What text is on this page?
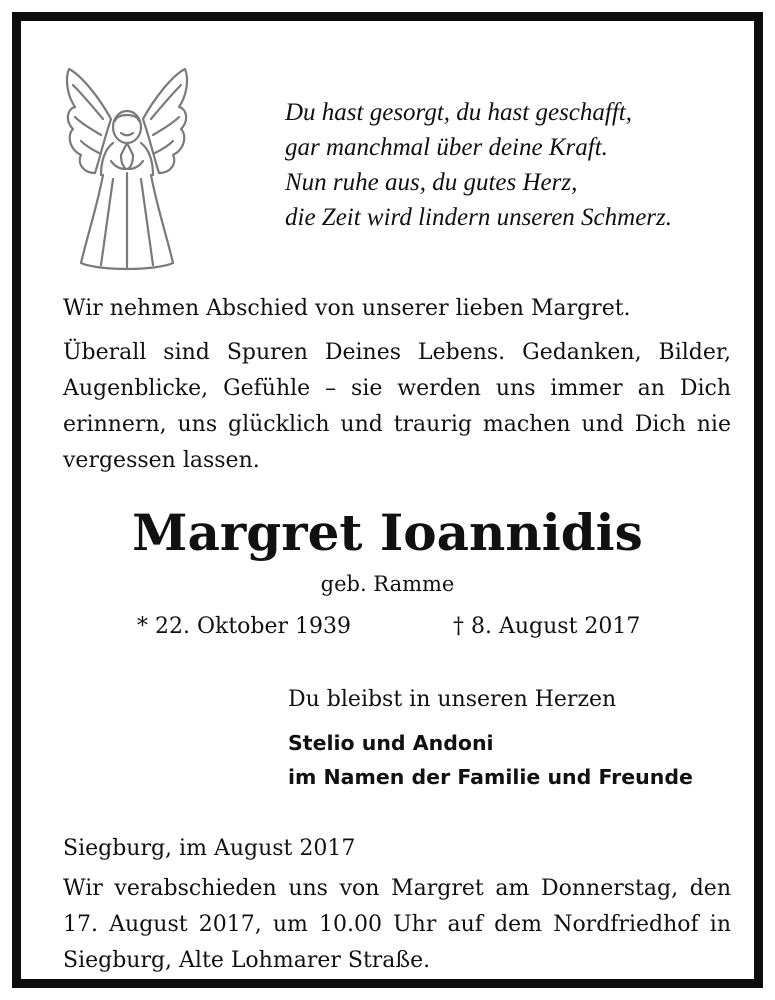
Du hast gesorgt, du hast geschafft,
gar manchmal über deine Kraft.
Nun ruhe aus, du gutes Herz,
die Zeit wird lindern unseren Schmerz.
Wir nehmen Abschied von unserer lieben Margret.
Überall sind Spuren Deines Lebens. Gedanken, Bilder,
Augenblicke, Gefühle – sie werden uns immer an Dich
erinnern, uns glücklich und traurig machen und Dich nie
vergessen lassen.
Margret Ioannidis
geb. Ramme
* 22. Oktober 1939	† 8. August 2017
Du bleibst in unseren Herzen
Stelio und Andoni
im Namen der Familie und Freunde
Siegburg, im August 2017
Wir verabschieden uns von Margret am Donnerstag, den
17. August 2017, um 10.00 Uhr auf dem Nordfriedhof in
Siegburg, Alte Lohmarer Straße.
